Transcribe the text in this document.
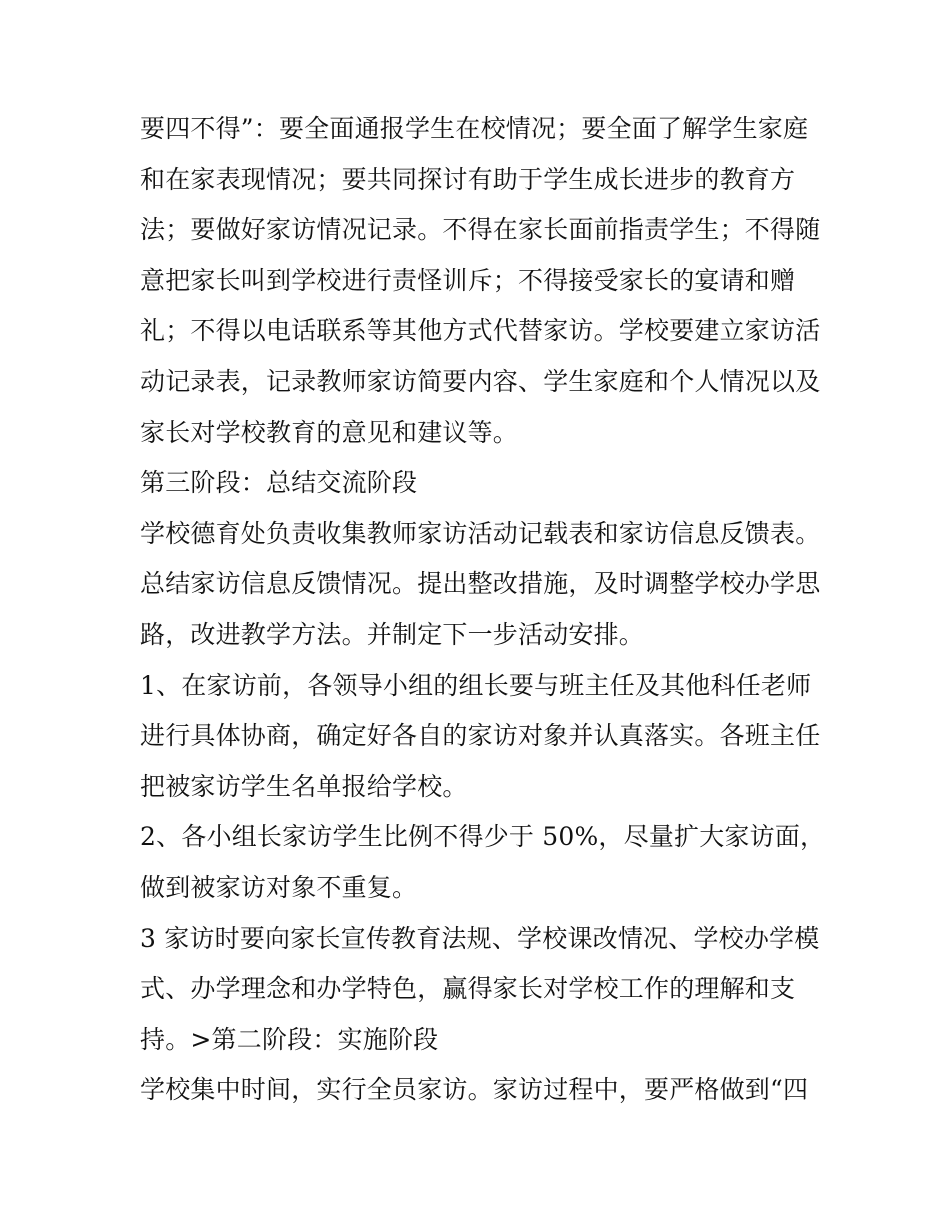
要四不得”：要全面通报学生在校情况；要全面了解学生家庭
和在家表现情况；要共同探讨有助于学生成长进步的教育方
法；要做好家访情况记录。不得在家长面前指责学生；不得随
意把家长叫到学校进行责怪训斥；不得接受家长的宴请和赠
礼；不得以电话联系等其他方式代替家访。学校要建立家访活
动记录表，记录教师家访简要内容、学生家庭和个人情况以及
家长对学校教育的意见和建议等。
第三阶段：总结交流阶段
学校德育处负责收集教师家访活动记载表和家访信息反馈表。
总结家访信息反馈情况。提出整改措施，及时调整学校办学思
路，改进教学方法。并制定下一步活动安排。
1、在家访前，各领导小组的组长要与班主任及其他科任老师
进行具体协商，确定好各自的家访对象并认真落实。各班主任
把被家访学生名单报给学校。
2、各小组长家访学生比例不得少于 50%，尽量扩大家访面，
做到被家访对象不重复。
3 家访时要向家长宣传教育法规、学校课改情况、学校办学模
式、办学理念和办学特色，赢得家长对学校工作的理解和支
持。>第二阶段：实施阶段
学校集中时间，实行全员家访。家访过程中，要严格做到“四
